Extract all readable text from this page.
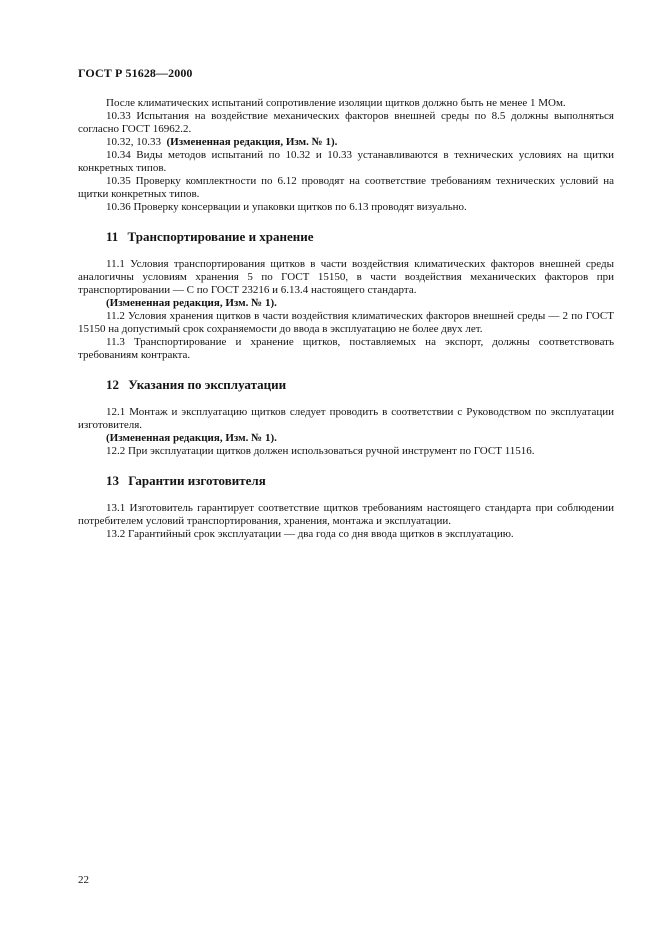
ГОСТ Р 51628—2000

После климатических испытаний сопротивление изоляции щитков должно быть не менее 1 МОм.

10.33 Испытания на воздействие механических факторов внешней среды по 8.5 должны выполняться согласно ГОСТ 16962.2.

10.32, 10.33 (Измененная редакция, Изм. № 1).

10.34 Виды методов испытаний по 10.32 и 10.33 устанавливаются в технических условиях на щитки конкретных типов.

10.35 Проверку комплектности по 6.12 проводят на соответствие требованиям технических условий на щитки конкретных типов.

10.36 Проверку консервации и упаковки щитков по 6.13 проводят визуально.

11 Транспортирование и хранение

11.1 Условия транспортирования щитков в части воздействия климатических факторов внешней среды аналогичны условиям хранения 5 по ГОСТ 15150, в части воздействия механических факторов при транспортировании — С по ГОСТ 23216 и 6.13.4 настоящего стандарта.

(Измененная редакция, Изм. № 1).

11.2 Условия хранения щитков в части воздействия климатических факторов внешней среды — 2 по ГОСТ 15150 на допустимый срок сохраняемости до ввода в эксплуатацию не более двух лет.

11.3 Транспортирование и хранение щитков, поставляемых на экспорт, должны соответствовать требованиям контракта.

12 Указания по эксплуатации

12.1 Монтаж и эксплуатацию щитков следует проводить в соответствии с Руководством по эксплуатации изготовителя.

(Измененная редакция, Изм. № 1).

12.2 При эксплуатации щитков должен использоваться ручной инструмент по ГОСТ 11516.

13 Гарантии изготовителя

13.1 Изготовитель гарантирует соответствие щитков требованиям настоящего стандарта при соблюдении потребителем условий транспортирования, хранения, монтажа и эксплуатации.

13.2 Гарантийный срок эксплуатации — два года со дня ввода щитков в эксплуатацию.

22
